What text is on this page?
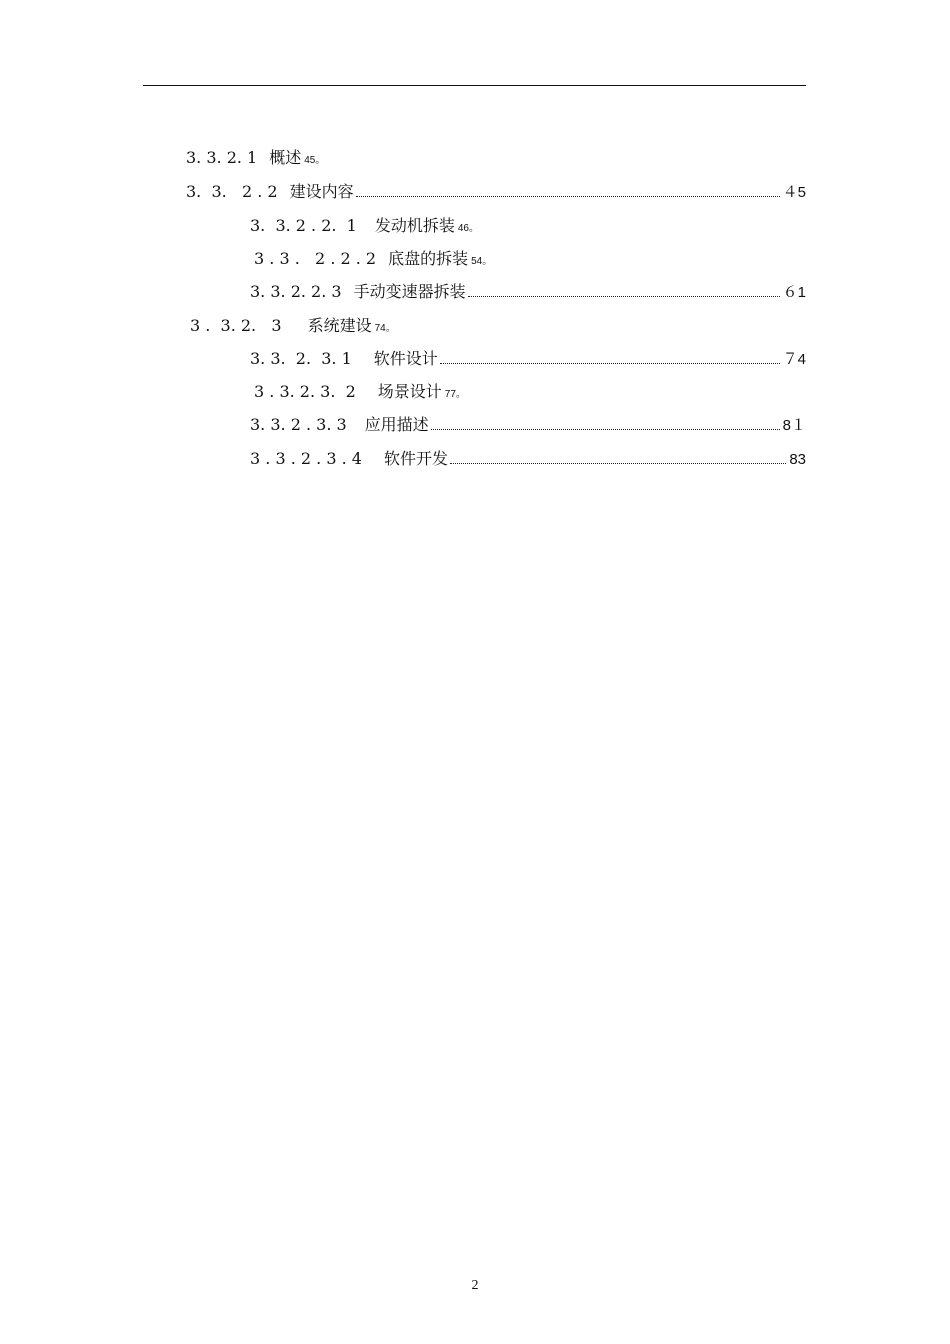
3. 3. 2. 1 概述 45。
3.  3.   2 . 2 建设内容	４5
3.  3. 2 . 2.  1 发动机拆装 46。
3 . 3 .   2 . 2 . 2 底盘的拆装 54。
3. 3. 2. 2. 3 手动变速器拆装	６1
3 .  3. 2.   3 系统建设 74。
3. 3.  2.  3. 1 软件设计	７4
3 . 3. 2. 3.  2 场景设计 77。
3. 3. 2 . 3. 3 应用描述	8１
3 . 3 . 2 . 3 . 4 软件开发	83
2
